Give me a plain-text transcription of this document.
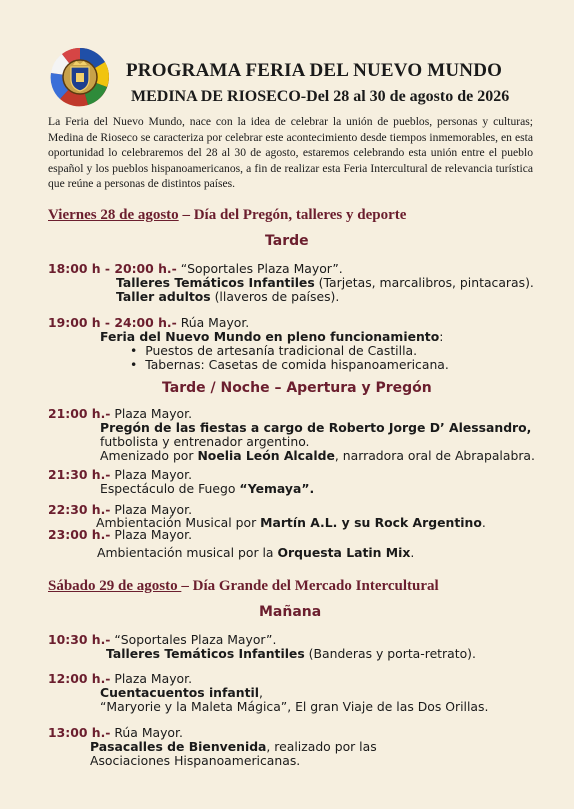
PROGRAMA FERIA DEL NUEVO MUNDO
MEDINA DE RIOSECO-Del 28 al 30 de agosto de 2026
La Feria del Nuevo Mundo, nace con la idea de celebrar la unión de pueblos, personas y culturas; Medina de Rioseco se caracteriza por celebrar este acontecimiento desde tiempos inmemorables, en esta oportunidad lo celebraremos del 28 al 30 de agosto, estaremos celebrando esta unión entre el pueblo español y los pueblos hispanoamericanos, a fin de realizar esta Feria Intercultural de relevancia turística que reúne a personas de distintos países.
Viernes 28 de agosto – Día del Pregón, talleres y deporte
Tarde
18:00 h - 20:00 h.- “Soportales Plaza Mayor”.
Talleres Temáticos Infantiles (Tarjetas, marcalibros, pintacaras).
Taller adultos (llaveros de países).
19:00 h - 24:00 h.- Rúa Mayor.
Feria del Nuevo Mundo en pleno funcionamiento:
•  Puestos de artesanía tradicional de Castilla.
•  Tabernas: Casetas de comida hispanoamericana.
Tarde / Noche – Apertura y Pregón
21:00 h.- Plaza Mayor.
Pregón de las fiestas a cargo de Roberto Jorge D’ Alessandro,
futbolista y entrenador argentino.
Amenizado por Noelia León Alcalde, narradora oral de Abrapalabra.
21:30 h.- Plaza Mayor.
Espectáculo de Fuego “Yemaya”.
22:30 h.- Plaza Mayor.
Ambientación Musical por Martín A.L. y su Rock Argentino.
23:00 h.- Plaza Mayor.
Ambientación musical por la Orquesta Latin Mix.
Sábado 29 de agosto – Día Grande del Mercado Intercultural
Mañana
10:30 h.- “Soportales Plaza Mayor”.
Talleres Temáticos Infantiles (Banderas y porta-retrato).
12:00 h.- Plaza Mayor.
Cuentacuentos infantil,
“Maryorie y la Maleta Mágica”, El gran Viaje de las Dos Orillas.
13:00 h.- Rúa Mayor.
Pasacalles de Bienvenida, realizado por las
Asociaciones Hispanoamericanas.
